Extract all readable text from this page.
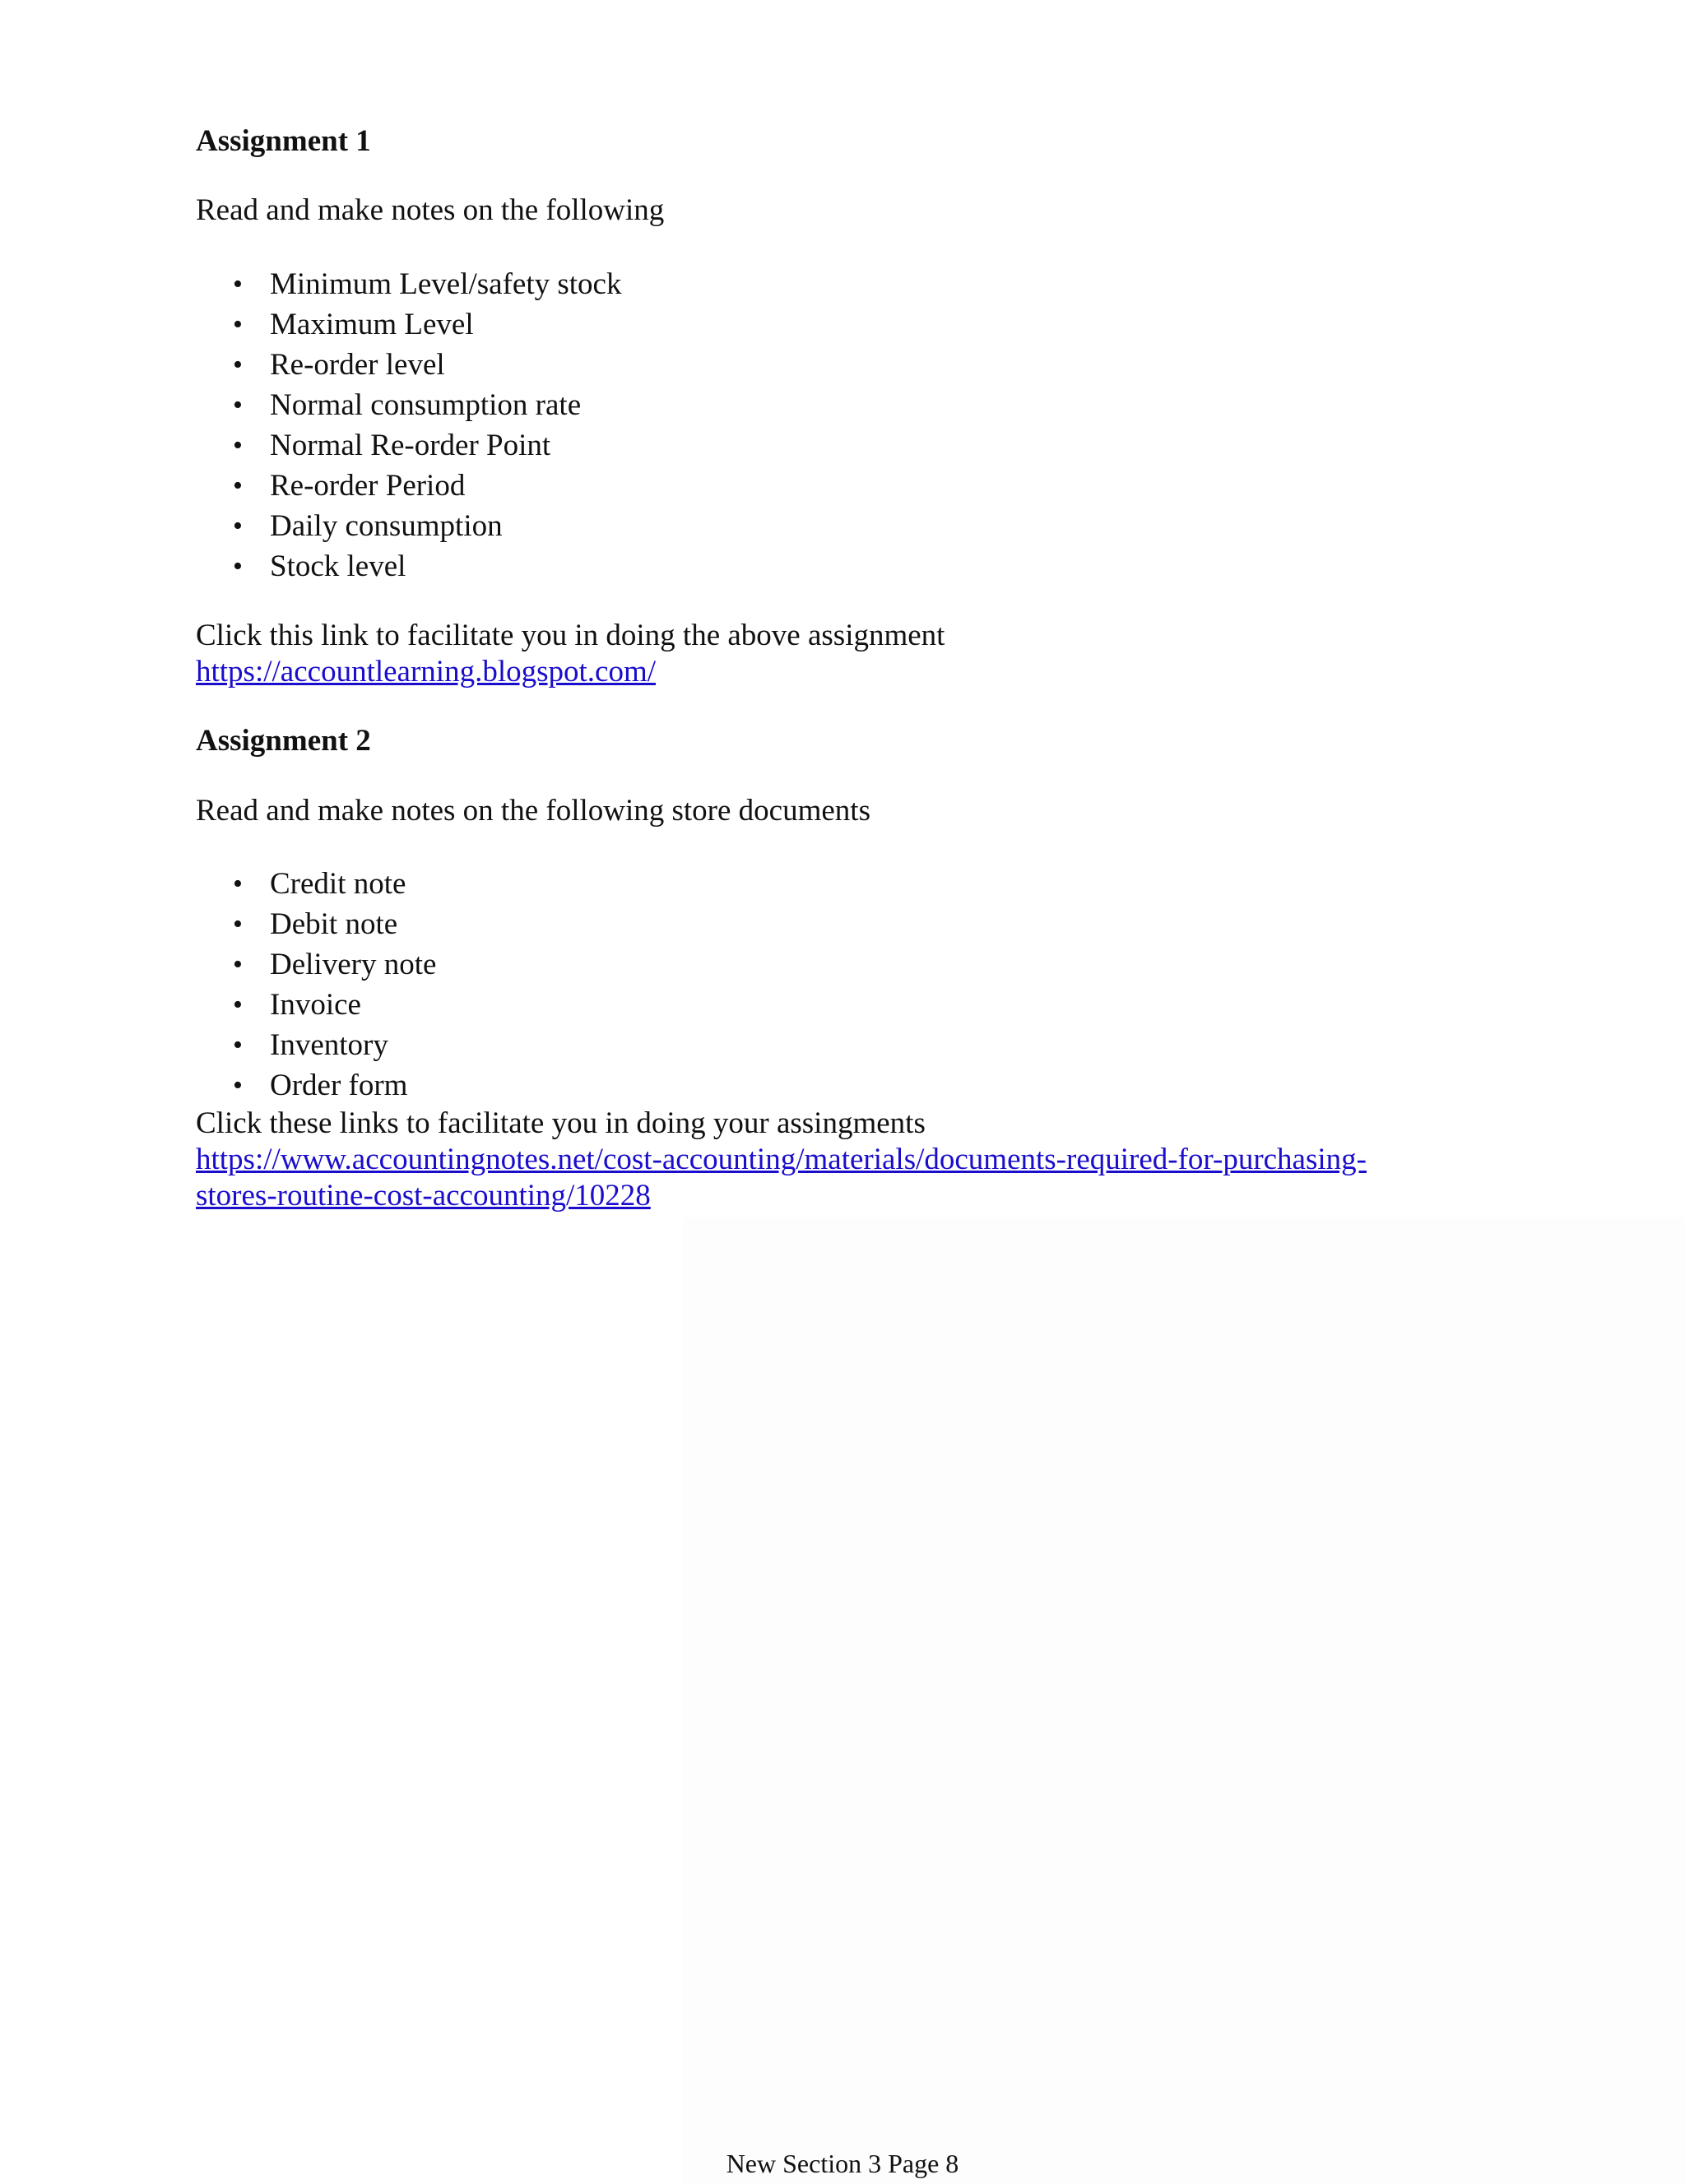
Assignment 1

Read and make notes on the following

• Minimum Level/safety stock
• Maximum Level
• Re-order level
• Normal consumption rate
• Normal Re-order Point
• Re-order Period
• Daily consumption
• Stock level

Click this link to facilitate you in doing the above assignment

https://accountlearning.blogspot.com/

Assignment 2

Read and make notes on the following store documents

• Credit note
• Debit note
• Delivery note
• Invoice
• Inventory
• Order form

Click these links to facilitate you in doing your assingments

https://www.accountingnotes.net/cost-accounting/materials/documents-required-for-purchasing-
stores-routine-cost-accounting/10228
New Section 3 Page 8
